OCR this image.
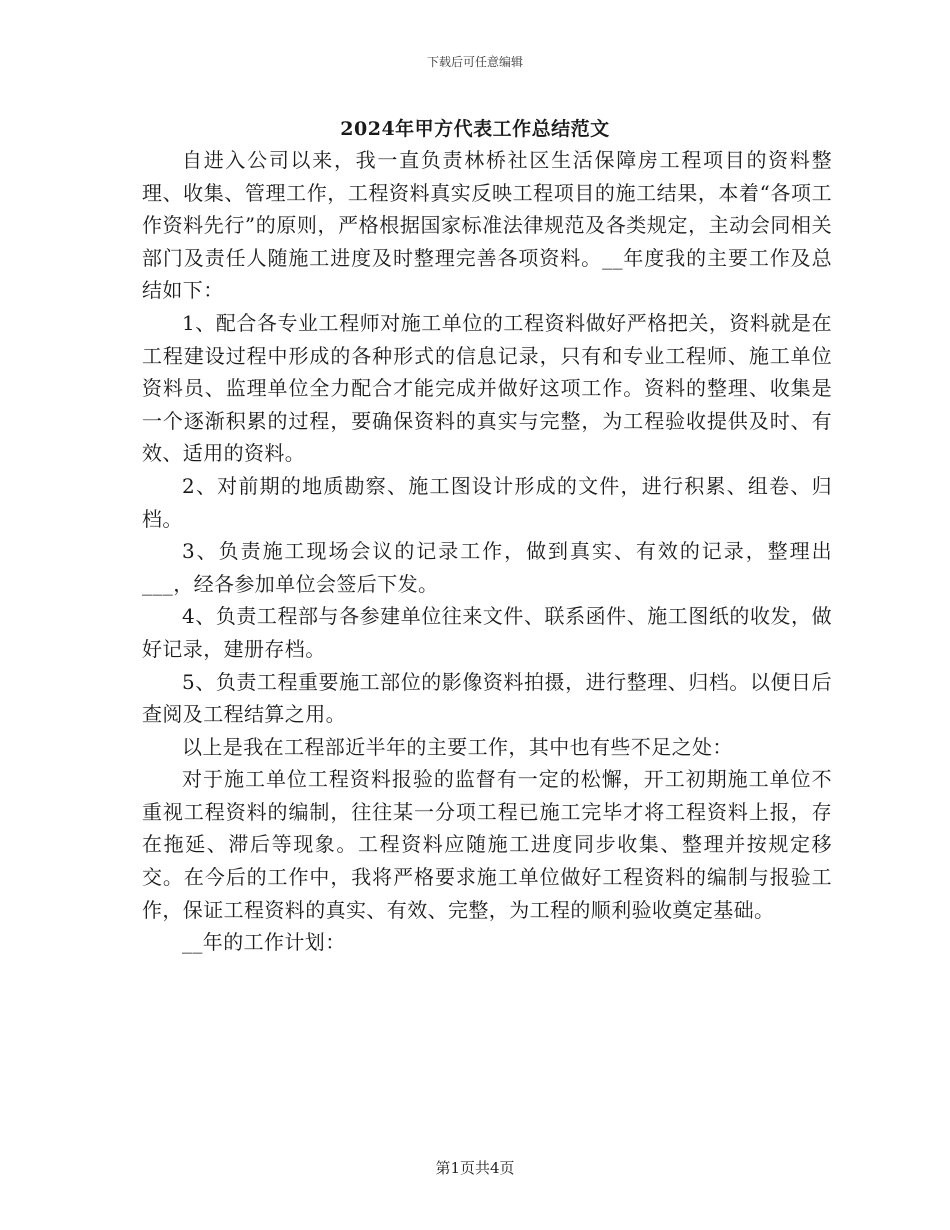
下载后可任意编辑
2024年甲方代表工作总结范文

自进入公司以来，我一直负责林桥社区生活保障房工程项目的资料整理、收集、管理工作，工程资料真实反映工程项目的施工结果，本着“各项工作资料先行”的原则，严格根据国家标准法律规范及各类规定，主动会同相关部门及责任人随施工进度及时整理完善各项资料。__年度我的主要工作及总结如下：

1、配合各专业工程师对施工单位的工程资料做好严格把关，资料就是在工程建设过程中形成的各种形式的信息记录，只有和专业工程师、施工单位资料员、监理单位全力配合才能完成并做好这项工作。资料的整理、收集是一个逐渐积累的过程，要确保资料的真实与完整，为工程验收提供及时、有效、适用的资料。

2、对前期的地质勘察、施工图设计形成的文件，进行积累、组卷、归档。

3、负责施工现场会议的记录工作，做到真实、有效的记录，整理出___，经各参加单位会签后下发。

4、负责工程部与各参建单位往来文件、联系函件、施工图纸的收发，做好记录，建册存档。

5、负责工程重要施工部位的影像资料拍摄，进行整理、归档。以便日后查阅及工程结算之用。

以上是我在工程部近半年的主要工作，其中也有些不足之处：

对于施工单位工程资料报验的监督有一定的松懈，开工初期施工单位不重视工程资料的编制，往往某一分项工程已施工完毕才将工程资料上报，存在拖延、滞后等现象。工程资料应随施工进度同步收集、整理并按规定移交。在今后的工作中，我将严格要求施工单位做好工程资料的编制与报验工作，保证工程资料的真实、有效、完整，为工程的顺利验收奠定基础。

__年的工作计划：

第1页共4页
